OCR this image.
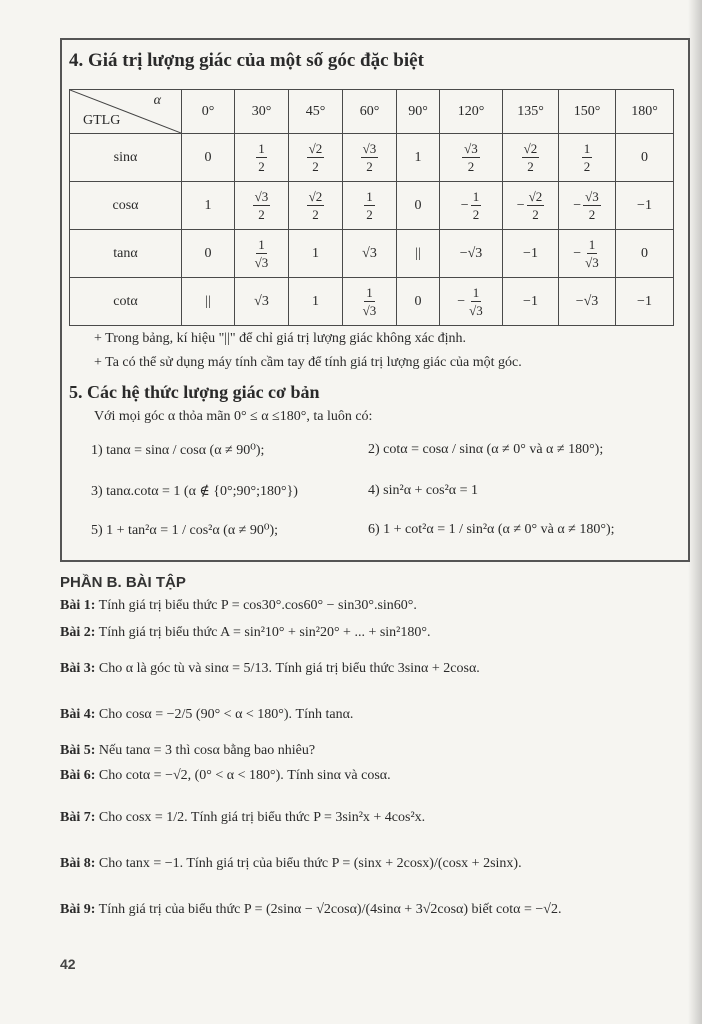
4. Giá trị lượng giác của một số góc đặc biệt
α
GTLG	0°	30°	45°	60°	90°	120°	135°	150°	180°
sinα	0	$\frac{1}{2}$	$\frac{√2}{2}$	$\frac{√3}{2}$	1	$\frac{√3}{2}$	$\frac{√2}{2}$	$\frac{1}{2}$	0
cosα	1	$\frac{√3}{2}$	$\frac{√2}{2}$	$\frac{1}{2}$	0	− $\frac{1}{2}$	− $\frac{√2}{2}$	− $\frac{√3}{2}$	−1
tanα	0	$\frac{1}{√3}$	1	√3	||	−√3	−1	− $\frac{1}{√3}$	0
cotα	||	√3	1	$\frac{1}{√3}$	0	− $\frac{1}{√3}$	−1	−√3	−1
+ Trong bảng, kí hiệu "||" để chỉ giá trị lượng giác không xác định.
+ Ta có thể sử dụng máy tính cầm tay để tính giá trị lượng giác của một góc.
5. Các hệ thức lượng giác cơ bản
Với mọi góc α thỏa mãn 0° ≤ α ≤180°, ta luôn có:
1) tanα = sinα / cosα (α ≠ 90⁰);	2) cotα = cosα / sinα (α ≠ 0° và α ≠ 180°);
3) tanα.cotα = 1 (α ∉ {0°;90°;180°})	4) sin²α + cos²α = 1
5) 1 + tan²α = 1 / cos²α (α ≠ 90⁰);	6) 1 + cot²α = 1 / sin²α (α ≠ 0° và α ≠ 180°);
PHẦN B. BÀI TẬP
Bài 1: Tính giá trị biểu thức P = cos30°.cos60° − sin30°.sin60°.
Bài 2: Tính giá trị biểu thức A = sin²10° + sin²20° + ... + sin²180°.
Bài 3: Cho α là góc tù và sinα = 5/13. Tính giá trị biểu thức 3sinα + 2cosα.
Bài 4: Cho cosα = −2/5 (90° < α < 180°). Tính tanα.
Bài 5: Nếu tanα = 3 thì cosα bằng bao nhiêu?
Bài 6: Cho cotα = −√2, (0° < α < 180°). Tính sinα và cosα.
Bài 7: Cho cosx = 1/2. Tính giá trị biểu thức P = 3sin²x + 4cos²x.
Bài 8: Cho tanx = −1. Tính giá trị của biểu thức P = (sinx + 2cosx)/(cosx + 2sinx).
Bài 9: Tính giá trị của biểu thức P = (2sinα − √2cosα)/(4sinα + 3√2cosα) biết cotα = −√2.
42
